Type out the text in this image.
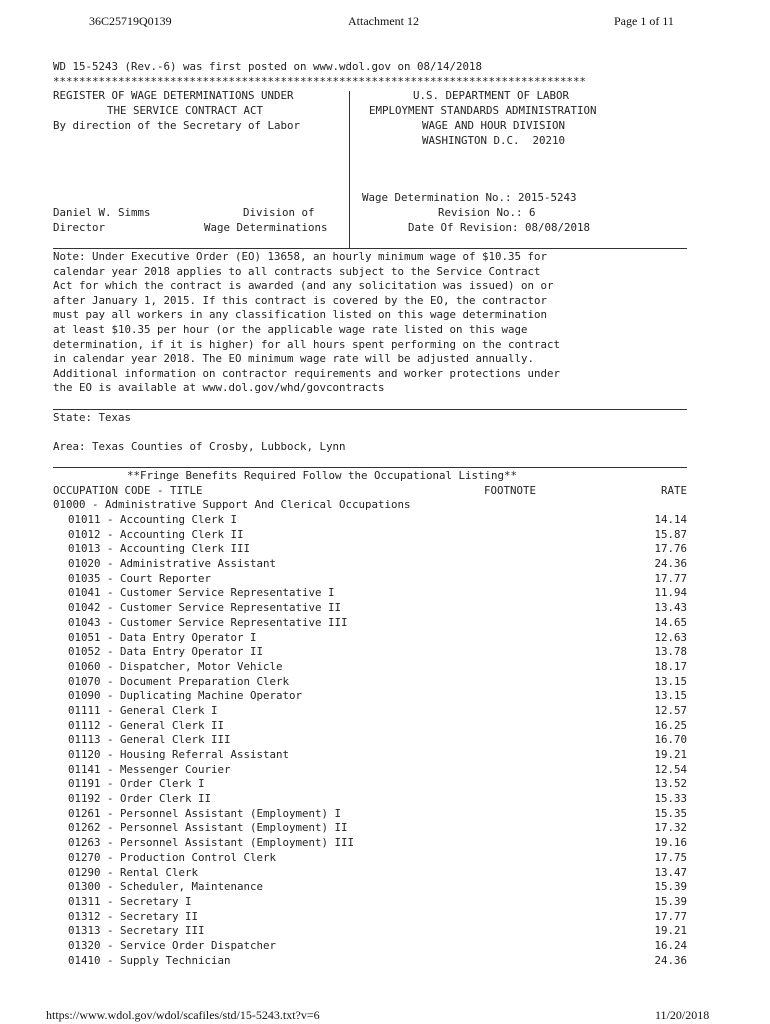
36C25719Q0139	Attachment 12	Page 1 of 11
WD 15-5243 (Rev.-6) was first posted on www.wdol.gov on 08/14/2018
**********************************************************************************
REGISTER OF WAGE DETERMINATIONS UNDER
THE SERVICE CONTRACT ACT
By direction of the Secretary of Labor
Daniel W. Simms
Director
Division of
Wage Determinations
U.S. DEPARTMENT OF LABOR
EMPLOYMENT STANDARDS ADMINISTRATION
WAGE AND HOUR DIVISION
WASHINGTON D.C.  20210
Wage Determination No.: 2015-5243
Revision No.: 6
Date Of Revision: 08/08/2018
Note: Under Executive Order (EO) 13658, an hourly minimum wage of $10.35 for
calendar year 2018 applies to all contracts subject to the Service Contract
Act for which the contract is awarded (and any solicitation was issued) on or
after January 1, 2015. If this contract is covered by the EO, the contractor
must pay all workers in any classification listed on this wage determination
at least $10.35 per hour (or the applicable wage rate listed on this wage
determination, if it is higher) for all hours spent performing on the contract
in calendar year 2018. The EO minimum wage rate will be adjusted annually.
Additional information on contractor requirements and worker protections under
the EO is available at www.dol.gov/whd/govcontracts
State: Texas
Area: Texas Counties of Crosby, Lubbock, Lynn
**Fringe Benefits Required Follow the Occupational Listing**
OCCUPATION CODE - TITLE	FOOTNOTE	RATE
01000 - Administrative Support And Clerical Occupations
01011 - Accounting Clerk I	14.14
01012 - Accounting Clerk II	15.87
01013 - Accounting Clerk III	17.76
01020 - Administrative Assistant	24.36
01035 - Court Reporter	17.77
01041 - Customer Service Representative I	11.94
01042 - Customer Service Representative II	13.43
01043 - Customer Service Representative III	14.65
01051 - Data Entry Operator I	12.63
01052 - Data Entry Operator II	13.78
01060 - Dispatcher, Motor Vehicle	18.17
01070 - Document Preparation Clerk	13.15
01090 - Duplicating Machine Operator	13.15
01111 - General Clerk I	12.57
01112 - General Clerk II	16.25
01113 - General Clerk III	16.70
01120 - Housing Referral Assistant	19.21
01141 - Messenger Courier	12.54
01191 - Order Clerk I	13.52
01192 - Order Clerk II	15.33
01261 - Personnel Assistant (Employment) I	15.35
01262 - Personnel Assistant (Employment) II	17.32
01263 - Personnel Assistant (Employment) III	19.16
01270 - Production Control Clerk	17.75
01290 - Rental Clerk	13.47
01300 - Scheduler, Maintenance	15.39
01311 - Secretary I	15.39
01312 - Secretary II	17.77
01313 - Secretary III	19.21
01320 - Service Order Dispatcher	16.24
01410 - Supply Technician	24.36
https://www.wdol.gov/wdol/scafiles/std/15-5243.txt?v=6	11/20/2018
